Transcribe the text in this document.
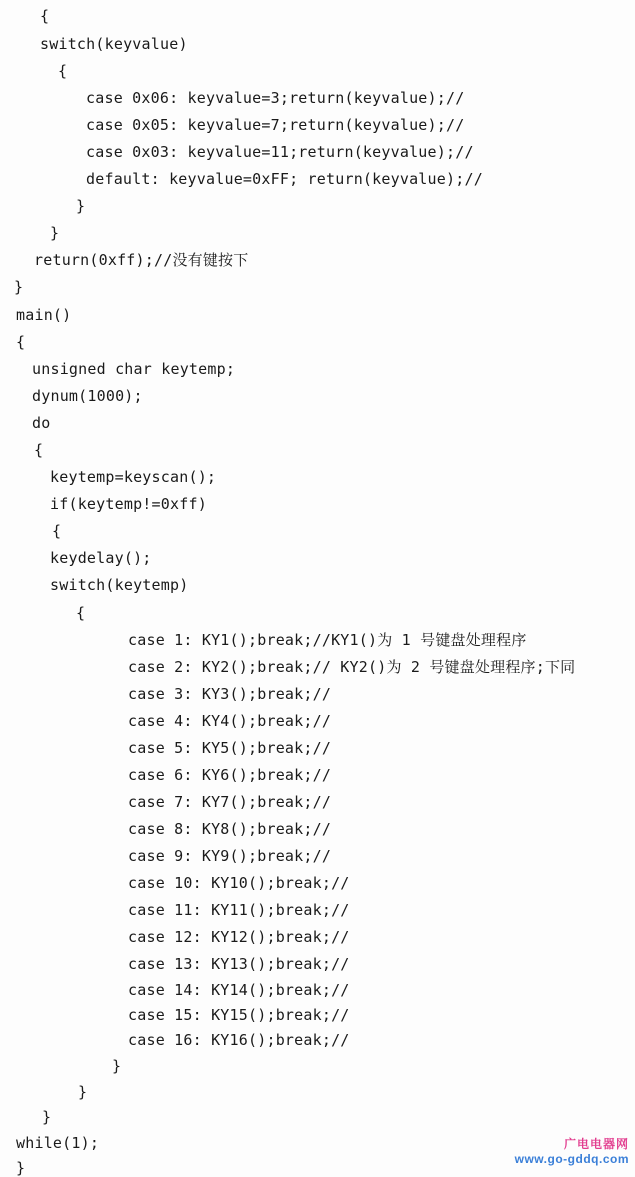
{
switch(keyvalue)
{
case 0x06: keyvalue=3;return(keyvalue);//
case 0x05: keyvalue=7;return(keyvalue);//
case 0x03: keyvalue=11;return(keyvalue);//
default: keyvalue=0xFF; return(keyvalue);//
}
}
return(0xff);//没有键按下
}
main()
{
unsigned char keytemp;
dynum(1000);
do
{
keytemp=keyscan();
if(keytemp!=0xff)
{
keydelay();
switch(keytemp)
{
case 1: KY1();break;//KY1()为 1 号键盘处理程序
case 2: KY2();break;// KY2()为 2 号键盘处理程序;下同
case 3: KY3();break;//
case 4: KY4();break;//
case 5: KY5();break;//
case 6: KY6();break;//
case 7: KY7();break;//
case 8: KY8();break;//
case 9: KY9();break;//
case 10: KY10();break;//
case 11: KY11();break;//
case 12: KY12();break;//
case 13: KY13();break;//
case 14: KY14();break;//
case 15: KY15();break;//
case 16: KY16();break;//
}
}
}
while(1);
}
广电电器网
www.go-gddq.com
